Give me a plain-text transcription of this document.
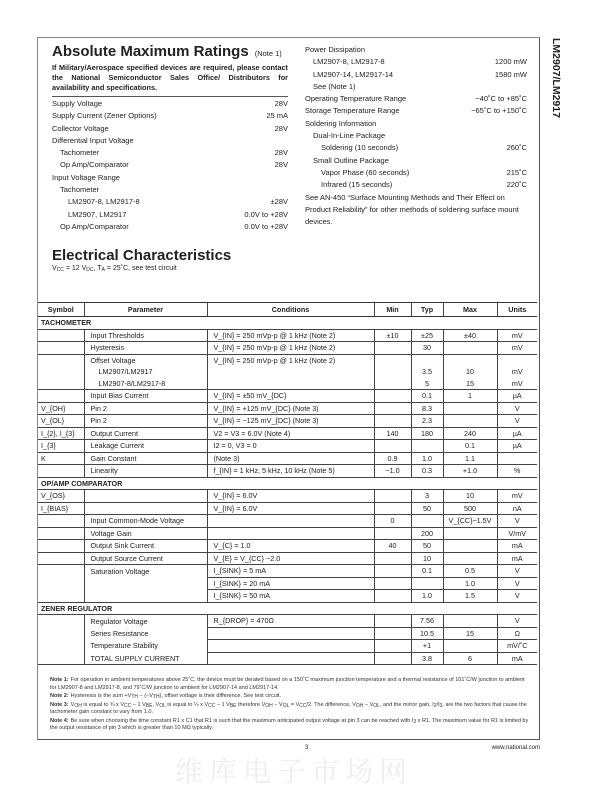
LM2907/LM2917
Absolute Maximum Ratings (Note 1)
If Military/Aerospace specified devices are required, please contact the National Semiconductor Sales Office/ Distributors for availability and specifications.
Supply Voltage	28V
Supply Current (Zener Options)	25 mA
Collector Voltage	28V
Differential Input Voltage
Tachometer	28V
Op Amp/Comparator	28V
Input Voltage Range
Tachometer
LM2907-8, LM2917-8	±28V
LM2907, LM2917	0.0V to +28V
Op Amp/Comparator	0.0V to +28V
Power Dissipation
LM2907-8, LM2917-8	1200 mW
LM2907-14, LM2917-14	1580 mW
See (Note 1)
Operating Temperature Range	−40˚C to +85˚C
Storage Temperature Range	−65˚C to +150˚C
Soldering Information
Dual-In-Line Package
Soldering (10 seconds)	260˚C
Small Outline Package
Vapor Phase (60 seconds)	215˚C
Infrared (15 seconds)	220˚C
See AN-450 “Surface Mounting Methods and Their Effect on Product Reliability” for other methods of soldering surface mount devices.
Electrical Characteristics
$V_{CC} = 12$ $V_{DC}$, $T_A$ = 25˚C, see test circuit
Symbol	Parameter	Conditions	Min	Typ	Max	Units
TACHOMETER						
	Input Thresholds	V_{IN} = 250 mVp-p @ 1 kHz (Note 2)	±10	±25	±40	mV
	Hysteresis	V_{IN} = 250 mVp-p @ 1 kHz (Note 2)		30		mV
	Offset Voltage	V_{IN} = 250 mVp-p @ 1 kHz (Note 2)				
	LM2907/LM2917			3.5	10	mV
	LM2907-8/LM2917-8			5	15	mV
	Input Bias Current	V_{IN} = ±50 mV_{DC}		0.1	1	µA
V_{OH}	Pin 2	V_{IN} = +125 mV_{DC} (Note 3)		8.3		V
V_{OL}	Pin 2	V_{IN} = −125 mV_{DC} (Note 3)		2.3		V
I_{2}, I_{3}	Output Current	V2 = V3 = 6.0V (Note 4)	140	180	240	µA
I_{3}	Leakage Current	I2 = 0, V3 = 0			0.1	µA
K	Gain Constant	(Note 3)	0.9	1.0	1.1	
	Linearity	f_{IN} = 1 kHz, 5 kHz, 10 kHz (Note 5)	−1.0	0.3	+1.0	%
OP/AMP COMPARATOR						
V_{OS}		V_{IN} = 6.0V		3	10	mV
I_{BIAS}		V_{IN} = 6.0V		50	500	nA
	Input Common-Mode Voltage		0		V_{CC}−1.5V	V
	Voltage Gain			200		V/mV
	Output Sink Current	V_{C} = 1.0	40	50		mA
	Output Source Current	V_{E} = V_{CC} −2.0		10		mA
	Saturation Voltage	I_{SINK} = 5 mA		0.1	0.5	V
		I_{SINK} = 20 mA			1.0	V
		I_{SINK} = 50 mA		1.0	1.5	V
ZENER REGULATOR						
	Regulator Voltage	R_{DROP} = 470Ω		7.56		V
	Series Resistance			10.5	15	Ω
	Temperature Stability			+1		mV/˚C
	TOTAL SUPPLY CURRENT			3.8	6	mA

Note 1: For operation in ambient temperatures above 25˚C, the device must be derated based on a 150˚C maximum junction temperature and a thermal resistance of 101˚C/W junction to ambient for LM2907-8 and LM2917-8, and 79˚C/W junction to ambient for LM2907-14 and LM2917-14.

Note 2: Hysteresis is the sum $+V_{TH} - (-V_{TH})$, offset voltage is their difference. See test circuit.

Note 3: $V_{OH}$ is equal to ¾ x $V_{CC} - 1$ $V_{BE}$, $V_{OL}$ is equal to ¼ x $V_{CC} - 1$ $V_{BE}$ therefore $V_{OH} - V_{OL} = V_{CC}/2$. The difference, $V_{OH} - V_{OL}$, and the mirror gain, $I_2/I_3$, are the two factors that cause the tachometer gain constant to vary from 1.0.

Note 4: Be sure when choosing the time constant R1 x C1 that R1 is such that the maximum anticipated output voltage at pin 3 can be reached with $I_3$ x R1. The maximum value for R1 is limited by the output resistance of pin 3 which is greater than 10 MΩ typically.

3	www.national.com
维库电子市场网
